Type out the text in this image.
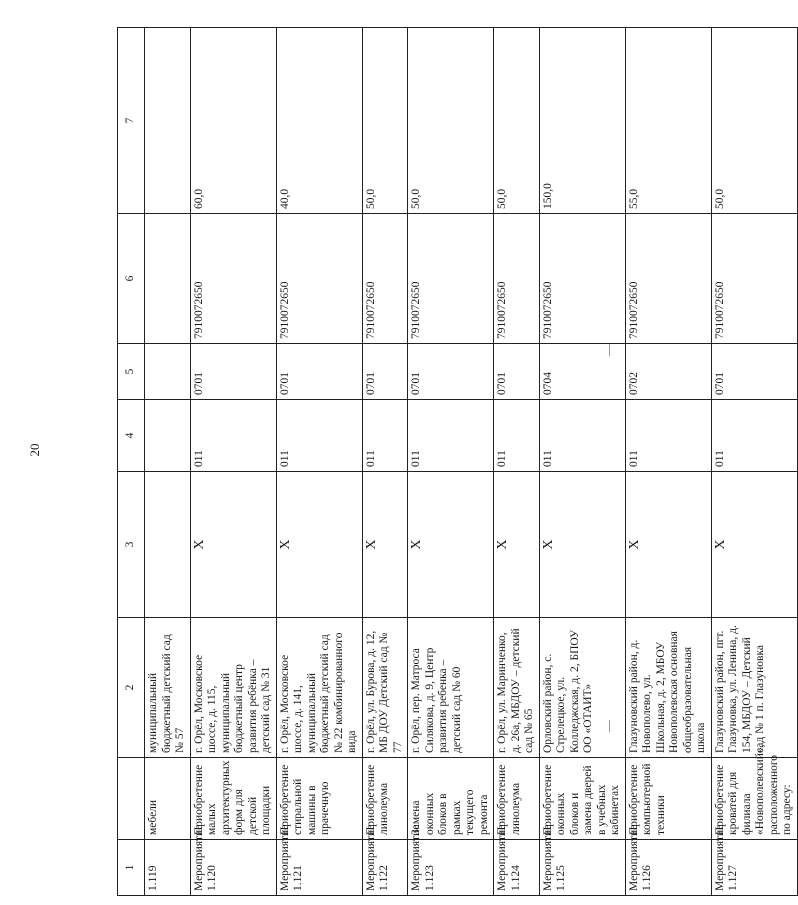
20
1		2	3	4	5	6	7
1.119	мебели	муниципальный бюджетный детский сад № 57					
Мероприятие 1.120	Приобретение малых архитектурных форм для детской площадки	г. Орёл, Московское шоссе, д. 115, муниципальный бюджетный центр развития ребёнка – детский сад № 31	X	011	0701	7910072650	60,0
Мероприятие 1.121	Приобретение стиральной машины в прачечную	г. Орёл, Московское шоссе, д. 141, муниципальный бюджетный детский сад № 22 комбинированного вида	X	011	0701	7910072650	40,0
Мероприятие 1.122	Приобретение линолеума	г. Орёл, ул. Бурова, д. 12, МБ ДОУ Детский сад № 77	X	011	0701	7910072650	50,0
Мероприятие 1.123	Замена оконных блоков в рамках текущего ремонта	г. Орёл, пер. Матроса Силякова, д. 9, Центр развития ребенка – детский сад № 60	X	011	0701	7910072650	50,0
Мероприятие 1.124	Приобретение линолеума	г. Орёл, ул. Маринченко, д. 26а, МБДОУ – детский сад № 65	X	011	0701	7910072650	50,0
Мероприятие 1.125	Приобретение оконных блоков и замена дверей в учебных кабинетах	Орловский район, с. Стрелецкое, ул. Колледжская, д. 2, БПОУ ОО «ОТАИТ»	X	011	0704	7910072650	150,0
Мероприятие 1.126	Приобретение компьютерной техники	Глазуновский район, д. Новополево, ул. Школьная, д. 2, МБОУ Новополевская основная общеобразовательная школа	X	011	0702	7910072650	55,0
Мероприятие 1.127	Приобретение кроватей для филиала «Новополевский», расположенного по адресу:	Глазуновский район, пгт. Глазуновка, ул. Ленина, д. 154, МБДОУ – Детский сад № 1 п. Глазуновка	X	011	0701	7910072650	50,0
